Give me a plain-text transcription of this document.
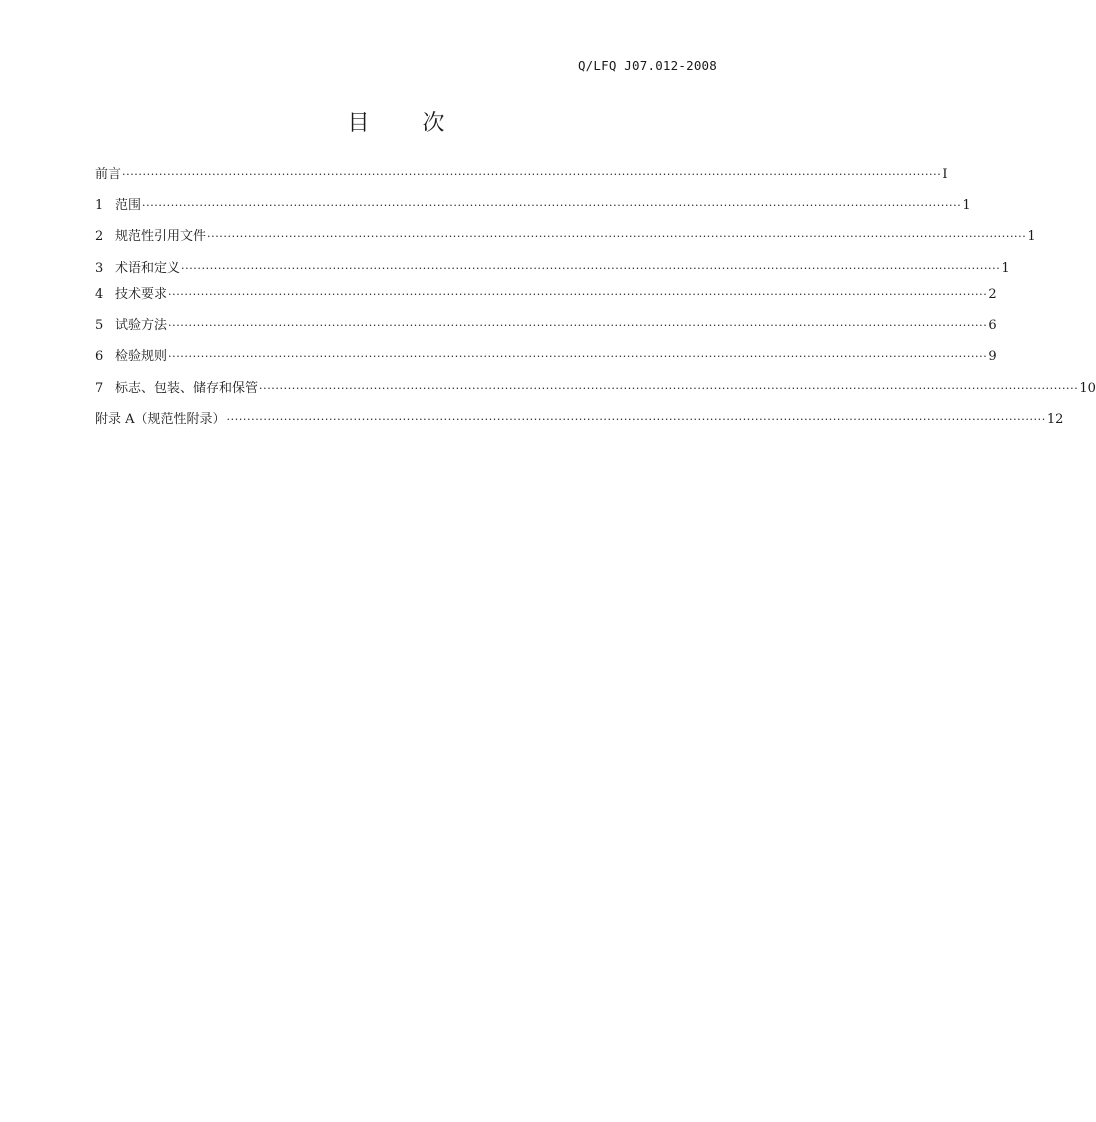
Q/LFQ J07.012-2008
目 次
前言 ········································································································································································································ I
1 范围 ········································································································································································································ 1
2 规范性引用文件 ········································································································································································································ 1
3 术语和定义 ········································································································································································································ 1
4 技术要求 ········································································································································································································ 2
5 试验方法 ········································································································································································································ 6
6 检验规则 ········································································································································································································ 9
7 标志、包装、储存和保管 ········································································································································································································ 10
附录 A（规范性附录） ········································································································································································································ 12
